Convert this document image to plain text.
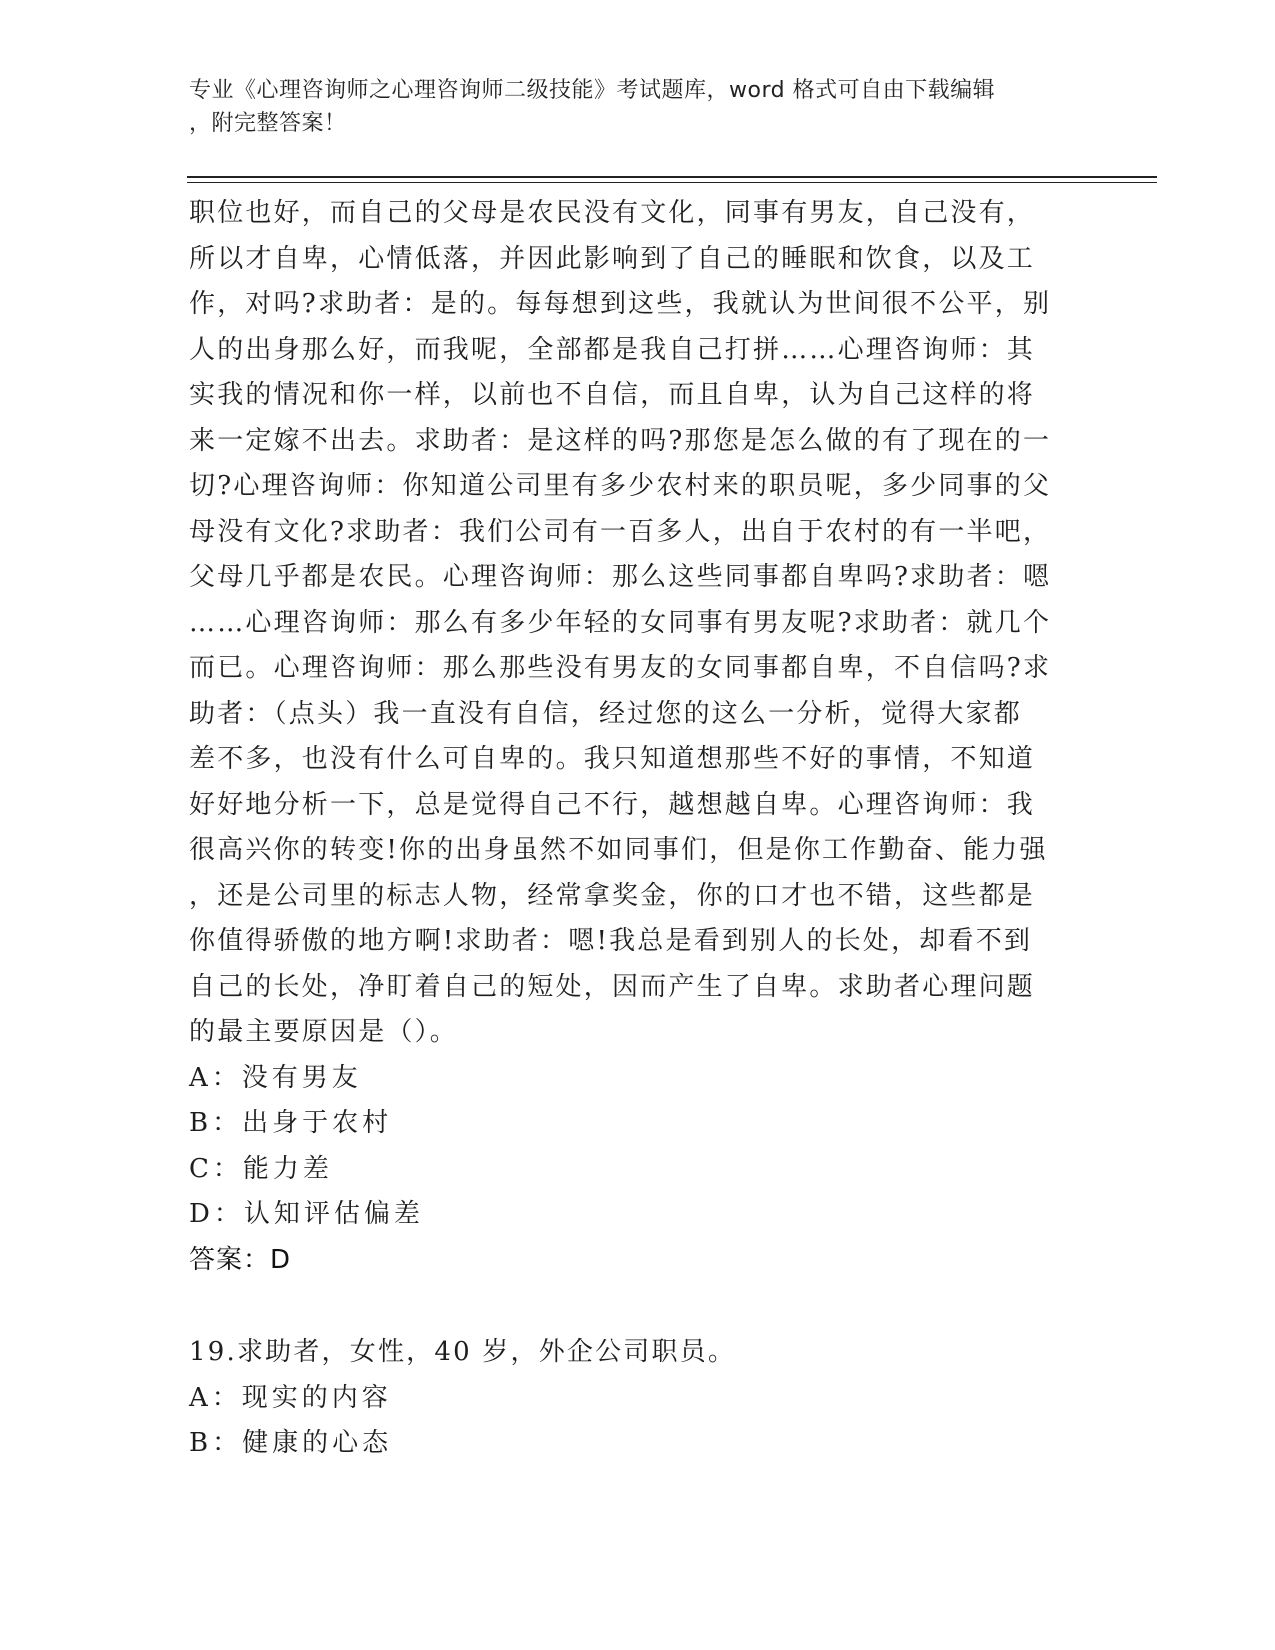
专业《心理咨询师之心理咨询师二级技能》考试题库，word 格式可自由下载编辑
，附完整答案！
职位也好，而自己的父母是农民没有文化，同事有男友，自己没有，
所以才自卑，心情低落，并因此影响到了自己的睡眠和饮食，以及工
作，对吗?求助者：是的。每每想到这些，我就认为世间很不公平，别
人的出身那么好，而我呢，全部都是我自己打拼……心理咨询师：其
实我的情况和你一样，以前也不自信，而且自卑，认为自己这样的将
来一定嫁不出去。求助者：是这样的吗?那您是怎么做的有了现在的一
切?心理咨询师：你知道公司里有多少农村来的职员呢，多少同事的父
母没有文化?求助者：我们公司有一百多人，出自于农村的有一半吧，
父母几乎都是农民。心理咨询师：那么这些同事都自卑吗?求助者：嗯
……心理咨询师：那么有多少年轻的女同事有男友呢?求助者：就几个
而已。心理咨询师：那么那些没有男友的女同事都自卑，不自信吗?求
助者：（点头）我一直没有自信，经过您的这么一分析，觉得大家都
差不多，也没有什么可自卑的。我只知道想那些不好的事情，不知道
好好地分析一下，总是觉得自己不行，越想越自卑。心理咨询师：我
很高兴你的转变!你的出身虽然不如同事们，但是你工作勤奋、能力强
，还是公司里的标志人物，经常拿奖金，你的口才也不错，这些都是
你值得骄傲的地方啊!求助者：嗯!我总是看到别人的长处，却看不到
自己的长处，净盯着自己的短处，因而产生了自卑。求助者心理问题
的最主要原因是（）。
A：没有男友
B：出身于农村
C：能力差
D：认知评估偏差
答案：D
19.求助者，女性，40 岁，外企公司职员。
A：现实的内容
B：健康的心态
